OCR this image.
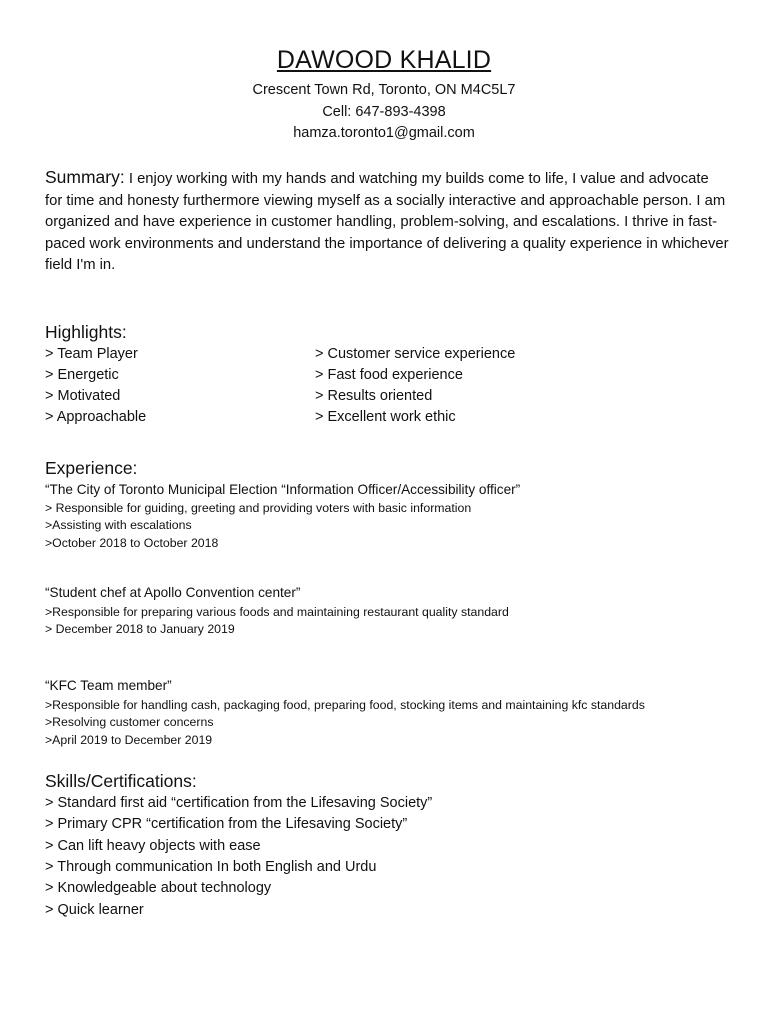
DAWOOD KHALID
Crescent Town Rd, Toronto, ON M4C5L7
Cell: 647-893-4398
hamza.toronto1@gmail.com
Summary: I enjoy working with my hands and watching my builds come to life, I value and advocate for time and honesty furthermore viewing myself as a socially interactive and approachable person. I am organized and have experience in customer handling, problem-solving, and escalations. I thrive in fast-paced work environments and understand the importance of delivering a quality experience in whichever field I'm in.
Highlights:
> Team Player
> Energetic
> Motivated
> Approachable
> Customer service experience
> Fast food experience
> Results oriented
> Excellent work ethic
Experience:
“The City of Toronto Municipal Election “Information Officer/Accessibility officer”
> Responsible for guiding, greeting and providing voters with basic information
>Assisting with escalations
>October 2018 to October 2018
“Student chef at Apollo Convention center”
>Responsible for preparing various foods and maintaining restaurant quality standard
> December 2018 to January 2019
“KFC Team member”
>Responsible for handling cash, packaging food, preparing food, stocking items and maintaining kfc standards
>Resolving customer concerns
>April 2019 to December 2019
Skills/Certifications:
> Standard first aid “certification from the Lifesaving Society”
> Primary CPR “certification from the Lifesaving Society”
> Can lift heavy objects with ease
> Through communication In both English and Urdu
> Knowledgeable about technology
> Quick learner
